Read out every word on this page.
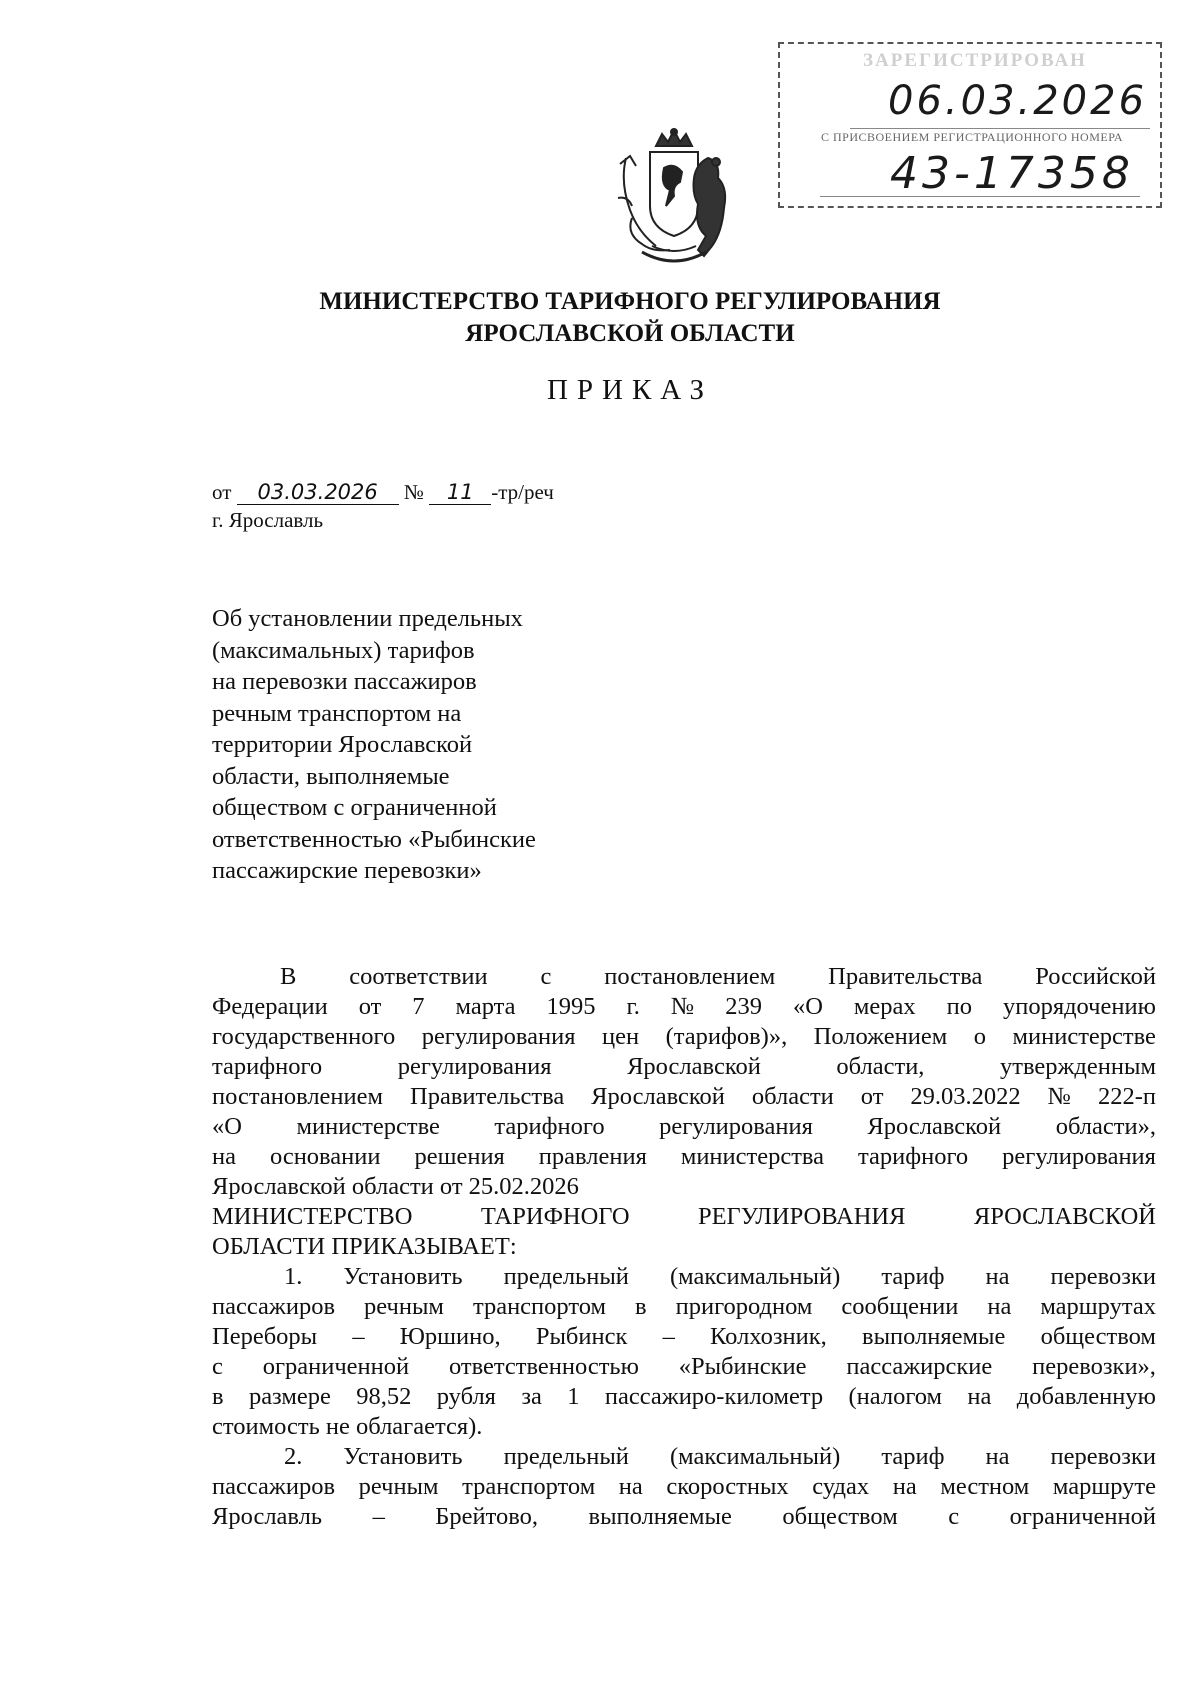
ЗАРЕГИСТРИРОВАН
06.03.2026
С ПРИСВОЕНИЕМ РЕГИСТРАЦИОННОГО НОМЕРА
43-17358
МИНИСТЕРСТВО ТАРИФНОГО РЕГУЛИРОВАНИЯ
ЯРОСЛАВСКОЙ ОБЛАСТИ
ПРИКАЗ
от 03.03.2026 № 11 -тр/реч
г. Ярославль
Об установлении предельных
(максимальных) тарифов
на перевозки пассажиров
речным транспортом на
территории Ярославской
области, выполняемые
обществом с ограниченной
ответственностью «Рыбинские
пассажирские перевозки»
В соответствии с постановлением Правительства Российской
Федерации от 7 марта 1995 г. № 239 «О мерах по упорядочению
государственного регулирования цен (тарифов)», Положением о министерстве
тарифного	регулирования	Ярославской	области,	утвержденным
постановлением Правительства Ярославской области от 29.03.2022 № 222-п
«О министерстве тарифного регулирования Ярославской области»,
на основании решения правления министерства тарифного регулирования
Ярославской области от 25.02.2026
МИНИСТЕРСТВО	ТАРИФНОГО	РЕГУЛИРОВАНИЯ	ЯРОСЛАВСКОЙ
ОБЛАСТИ ПРИКАЗЫВАЕТ:
1. Установить предельный (максимальный) тариф на перевозки
пассажиров речным транспортом в пригородном сообщении на маршрутах
Переборы – Юршино, Рыбинск – Колхозник, выполняемые обществом
с ограниченной ответственностью «Рыбинские пассажирские перевозки»,
в размере 98,52 рубля за 1 пассажиро-километр (налогом на добавленную
стоимость не облагается).
2. Установить предельный (максимальный) тариф на перевозки
пассажиров речным транспортом на скоростных судах на местном маршруте
Ярославль – Брейтово, выполняемые обществом с ограниченной
